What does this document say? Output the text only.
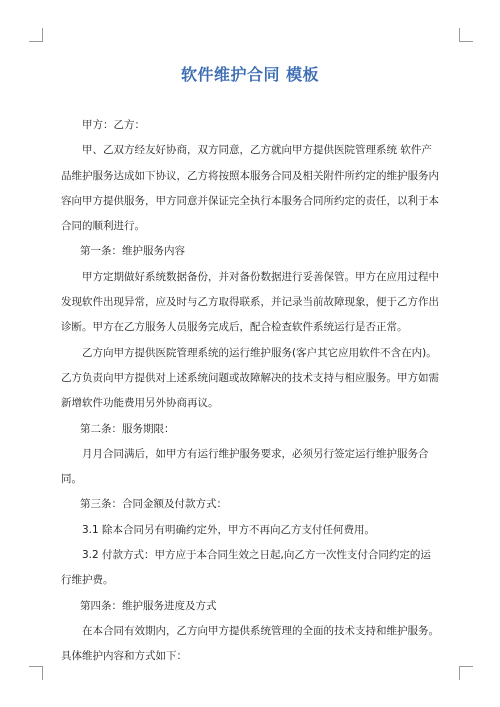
软件维护合同 模板

甲方：乙方：

甲、乙双方经友好协商，双方同意，乙方就向甲方提供医院管理系统 软件产品维护服务达成如下协议，乙方将按照本服务合同及相关附件所约定的维护服务内容向甲方提供服务，甲方同意并保证完全执行本服务合同所约定的责任，以利于本合同的顺利进行。

第一条：维护服务内容

甲方定期做好系统数据备份，并对备份数据进行妥善保管。甲方在应用过程中发现软件出现异常，应及时与乙方取得联系，并记录当前故障现象，便于乙方作出诊断。甲方在乙方服务人员服务完成后，配合检查软件系统运行是否正常。

乙方向甲方提供医院管理系统的运行维护服务(客户其它应用软件不含在内)。乙方负责向甲方提供对上述系统问题或故障解决的技术支持与相应服务。甲方如需新增软件功能费用另外协商再议。

第二条：服务期限：

月月合同满后，如甲方有运行维护服务要求，必须另行签定运行维护服务合同。

第三条：合同金额及付款方式：

3.1 除本合同另有明确约定外，甲方不再向乙方支付任何费用。

3.2 付款方式：甲方应于本合同生效之日起,向乙方一次性支付合同约定的运行维护费。

第四条：维护服务进度及方式

在本合同有效期内，乙方向甲方提供系统管理的全面的技术支持和维护服务。具体维护内容和方式如下：
